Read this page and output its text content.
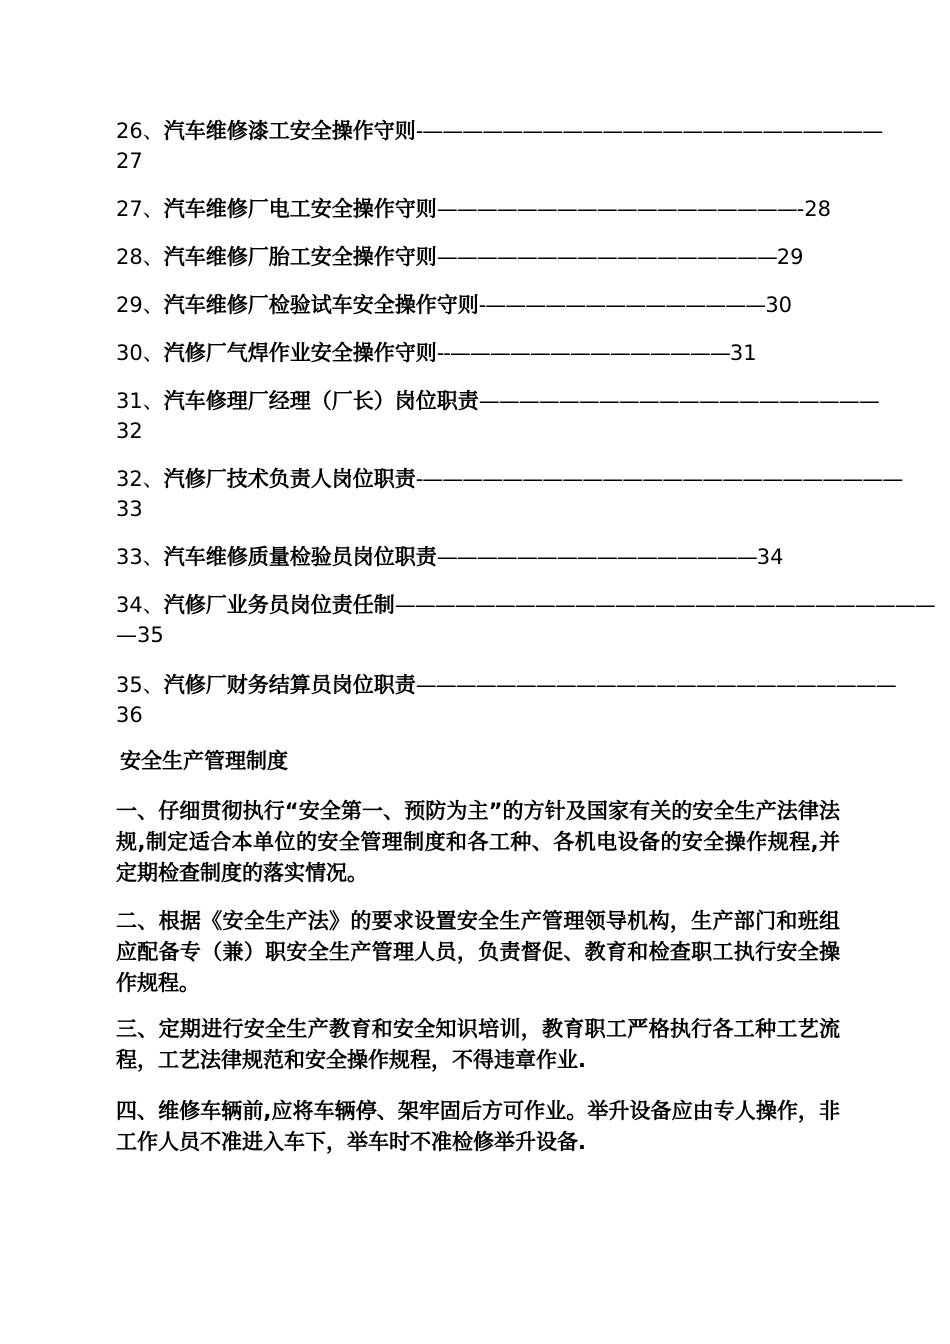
26、汽车维修漆工安全操作守则-———————————————————————
27
27、汽车维修厂电工安全操作守则——————————————————-28
28、汽车维修厂胎工安全操作守则—————————————————29
29、汽车维修厂检验试车安全操作守则-——————————————30
30、汽修厂气焊作业安全操作守则--——————————————31
31、汽车修理厂经理（厂长）岗位职责————————————————————
32
32、汽修厂技术负责人岗位职责-————————————————————————
33
33、汽车维修质量检验员岗位职责————————————————34
34、汽修厂业务员岗位责任制———————————————————————————
—35
35、汽修厂财务结算员岗位职责————————————————————————
36
安全生产管理制度
一、仔细贯彻执行“安全第一、预防为主”的方针及国家有关的安全生产法律法规,制定适合本单位的安全管理制度和各工种、各机电设备的安全操作规程,并定期检查制度的落实情况。
二、根据《安全生产法》的要求设置安全生产管理领导机构，生产部门和班组应配备专（兼）职安全生产管理人员，负责督促、教育和检查职工执行安全操作规程。
三、定期进行安全生产教育和安全知识培训，教育职工严格执行各工种工艺流程，工艺法律规范和安全操作规程，不得违章作业.
四、维修车辆前,应将车辆停、架牢固后方可作业。举升设备应由专人操作，非工作人员不准进入车下，举车时不准检修举升设备.
